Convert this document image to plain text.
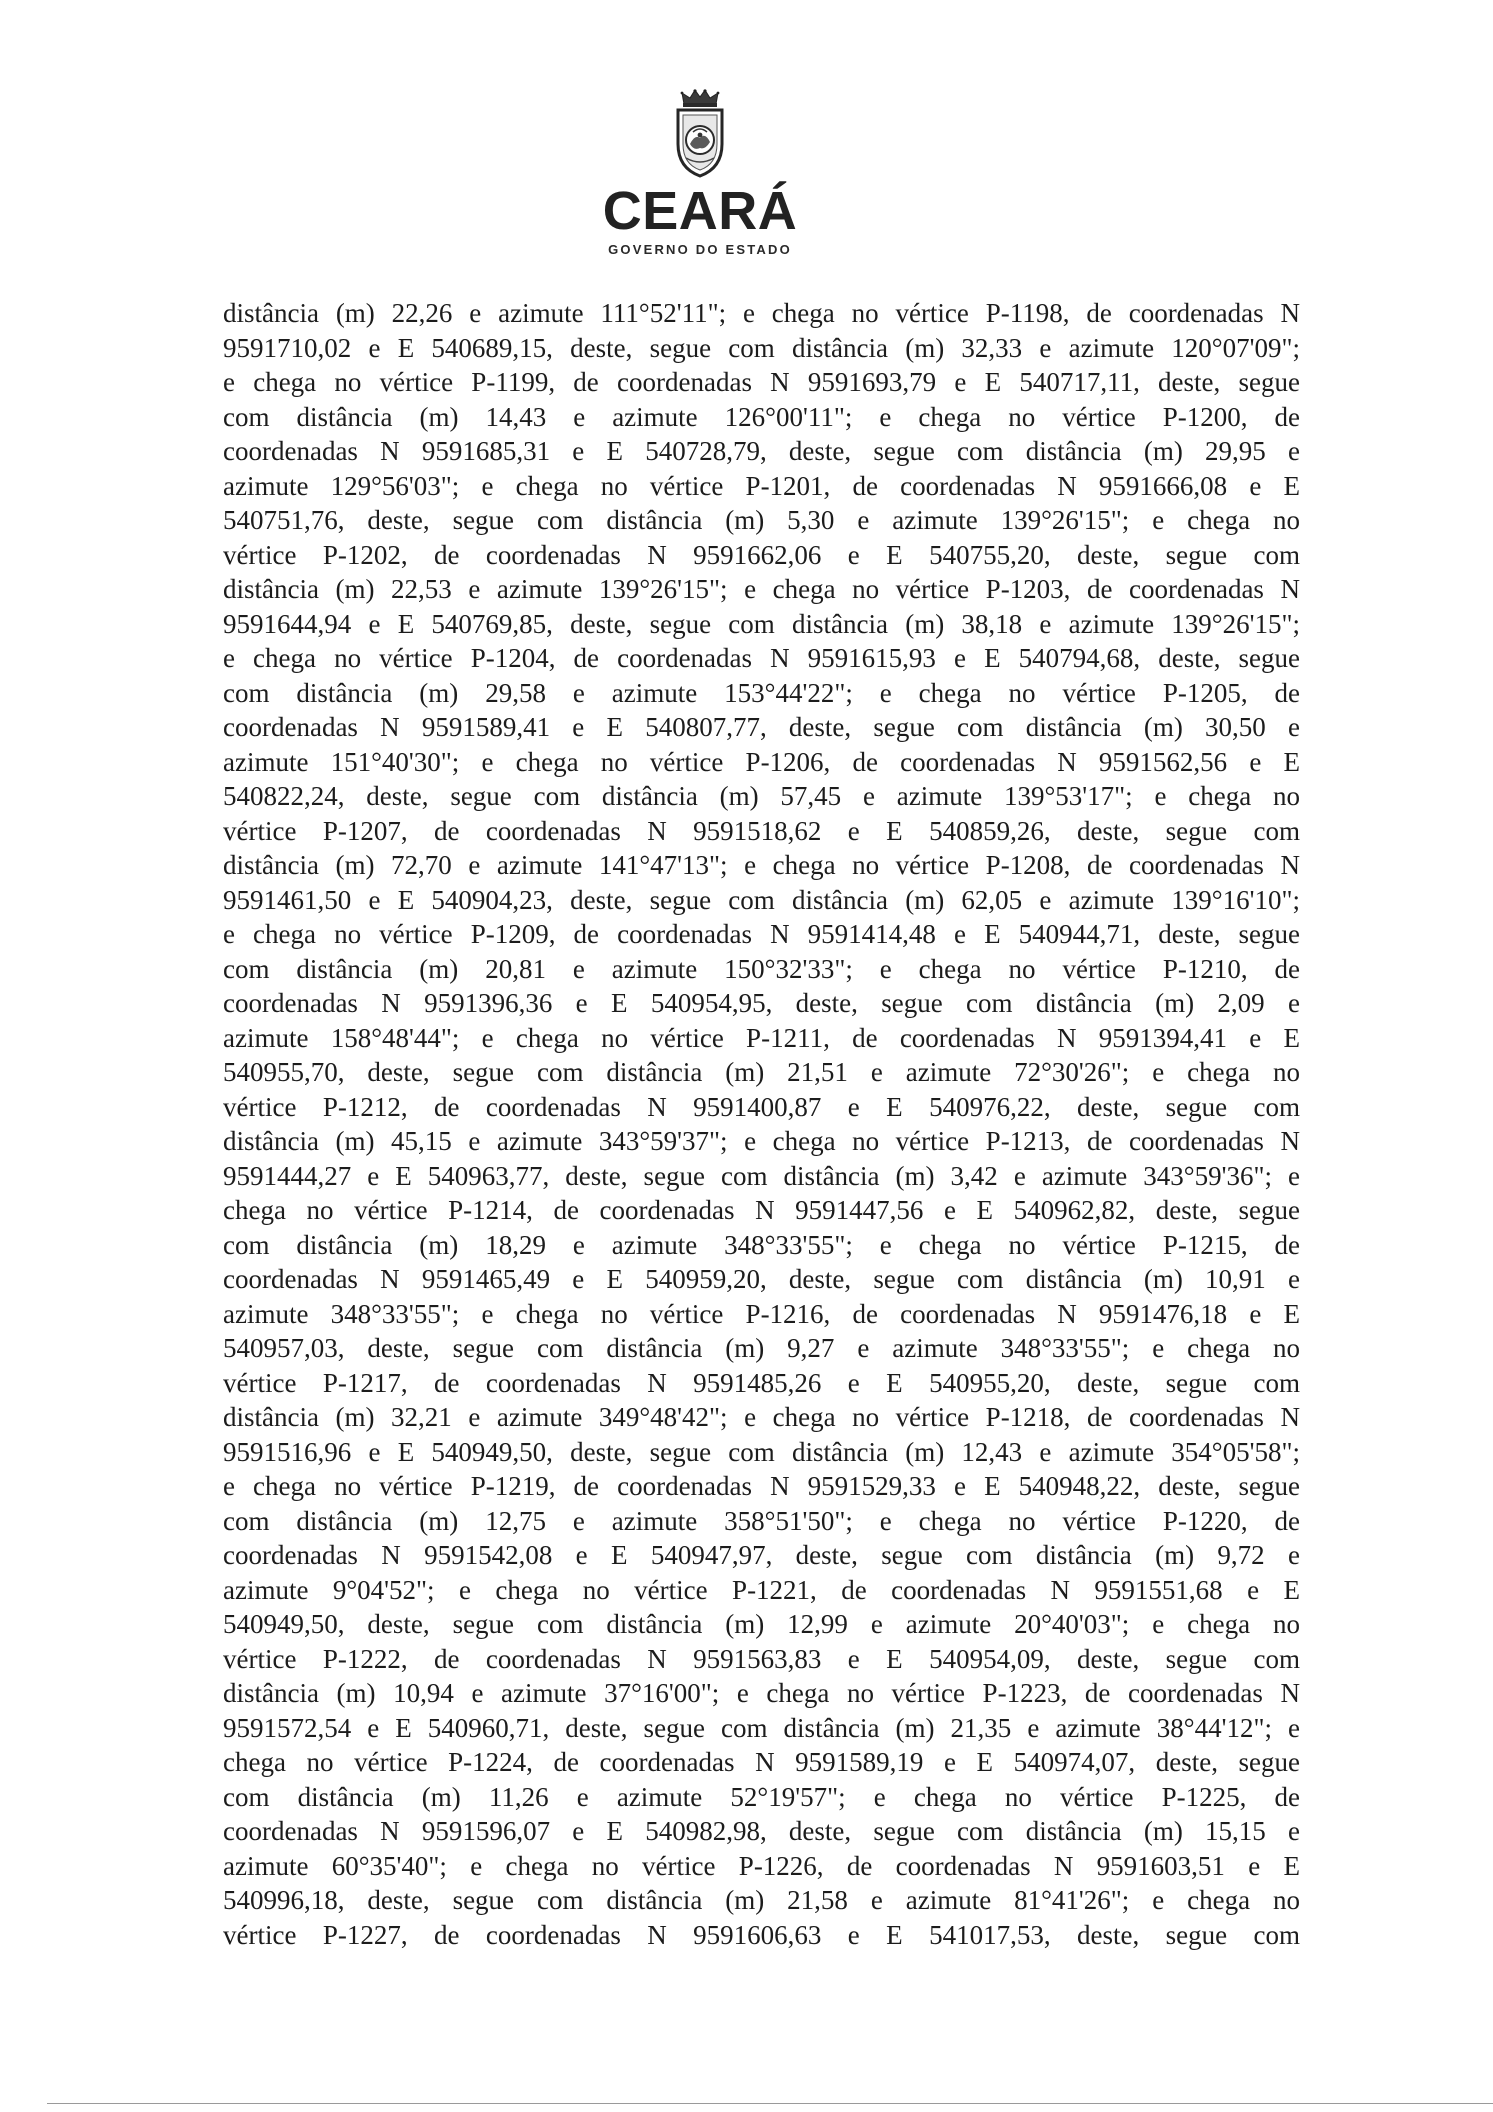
CEARÁ
GOVERNO DO ESTADO
distância (m) 22,26 e azimute 111°52'11"; e chega no vértice P-1198, de coordenadas N
9591710,02 e E 540689,15, deste, segue com distância (m) 32,33 e azimute 120°07'09";
e chega no vértice P-1199, de coordenadas N 9591693,79 e E 540717,11, deste, segue
com distância (m) 14,43 e azimute 126°00'11"; e chega no vértice P-1200, de
coordenadas N 9591685,31 e E 540728,79, deste, segue com distância (m) 29,95 e
azimute 129°56'03"; e chega no vértice P-1201, de coordenadas N 9591666,08 e E
540751,76, deste, segue com distância (m) 5,30 e azimute 139°26'15"; e chega no
vértice P-1202, de coordenadas N 9591662,06 e E 540755,20, deste, segue com
distância (m) 22,53 e azimute 139°26'15"; e chega no vértice P-1203, de coordenadas N
9591644,94 e E 540769,85, deste, segue com distância (m) 38,18 e azimute 139°26'15";
e chega no vértice P-1204, de coordenadas N 9591615,93 e E 540794,68, deste, segue
com distância (m) 29,58 e azimute 153°44'22"; e chega no vértice P-1205, de
coordenadas N 9591589,41 e E 540807,77, deste, segue com distância (m) 30,50 e
azimute 151°40'30"; e chega no vértice P-1206, de coordenadas N 9591562,56 e E
540822,24, deste, segue com distância (m) 57,45 e azimute 139°53'17"; e chega no
vértice P-1207, de coordenadas N 9591518,62 e E 540859,26, deste, segue com
distância (m) 72,70 e azimute 141°47'13"; e chega no vértice P-1208, de coordenadas N
9591461,50 e E 540904,23, deste, segue com distância (m) 62,05 e azimute 139°16'10";
e chega no vértice P-1209, de coordenadas N 9591414,48 e E 540944,71, deste, segue
com distância (m) 20,81 e azimute 150°32'33"; e chega no vértice P-1210, de
coordenadas N 9591396,36 e E 540954,95, deste, segue com distância (m) 2,09 e
azimute 158°48'44"; e chega no vértice P-1211, de coordenadas N 9591394,41 e E
540955,70, deste, segue com distância (m) 21,51 e azimute 72°30'26"; e chega no
vértice P-1212, de coordenadas N 9591400,87 e E 540976,22, deste, segue com
distância (m) 45,15 e azimute 343°59'37"; e chega no vértice P-1213, de coordenadas N
9591444,27 e E 540963,77, deste, segue com distância (m) 3,42 e azimute 343°59'36"; e
chega no vértice P-1214, de coordenadas N 9591447,56 e E 540962,82, deste, segue
com distância (m) 18,29 e azimute 348°33'55"; e chega no vértice P-1215, de
coordenadas N 9591465,49 e E 540959,20, deste, segue com distância (m) 10,91 e
azimute 348°33'55"; e chega no vértice P-1216, de coordenadas N 9591476,18 e E
540957,03, deste, segue com distância (m) 9,27 e azimute 348°33'55"; e chega no
vértice P-1217, de coordenadas N 9591485,26 e E 540955,20, deste, segue com
distância (m) 32,21 e azimute 349°48'42"; e chega no vértice P-1218, de coordenadas N
9591516,96 e E 540949,50, deste, segue com distância (m) 12,43 e azimute 354°05'58";
e chega no vértice P-1219, de coordenadas N 9591529,33 e E 540948,22, deste, segue
com distância (m) 12,75 e azimute 358°51'50"; e chega no vértice P-1220, de
coordenadas N 9591542,08 e E 540947,97, deste, segue com distância (m) 9,72 e
azimute 9°04'52"; e chega no vértice P-1221, de coordenadas N 9591551,68 e E
540949,50, deste, segue com distância (m) 12,99 e azimute 20°40'03"; e chega no
vértice P-1222, de coordenadas N 9591563,83 e E 540954,09, deste, segue com
distância (m) 10,94 e azimute 37°16'00"; e chega no vértice P-1223, de coordenadas N
9591572,54 e E 540960,71, deste, segue com distância (m) 21,35 e azimute 38°44'12"; e
chega no vértice P-1224, de coordenadas N 9591589,19 e E 540974,07, deste, segue
com distância (m) 11,26 e azimute 52°19'57"; e chega no vértice P-1225, de
coordenadas N 9591596,07 e E 540982,98, deste, segue com distância (m) 15,15 e
azimute 60°35'40"; e chega no vértice P-1226, de coordenadas N 9591603,51 e E
540996,18, deste, segue com distância (m) 21,58 e azimute 81°41'26"; e chega no
vértice P-1227, de coordenadas N 9591606,63 e E 541017,53, deste, segue com
